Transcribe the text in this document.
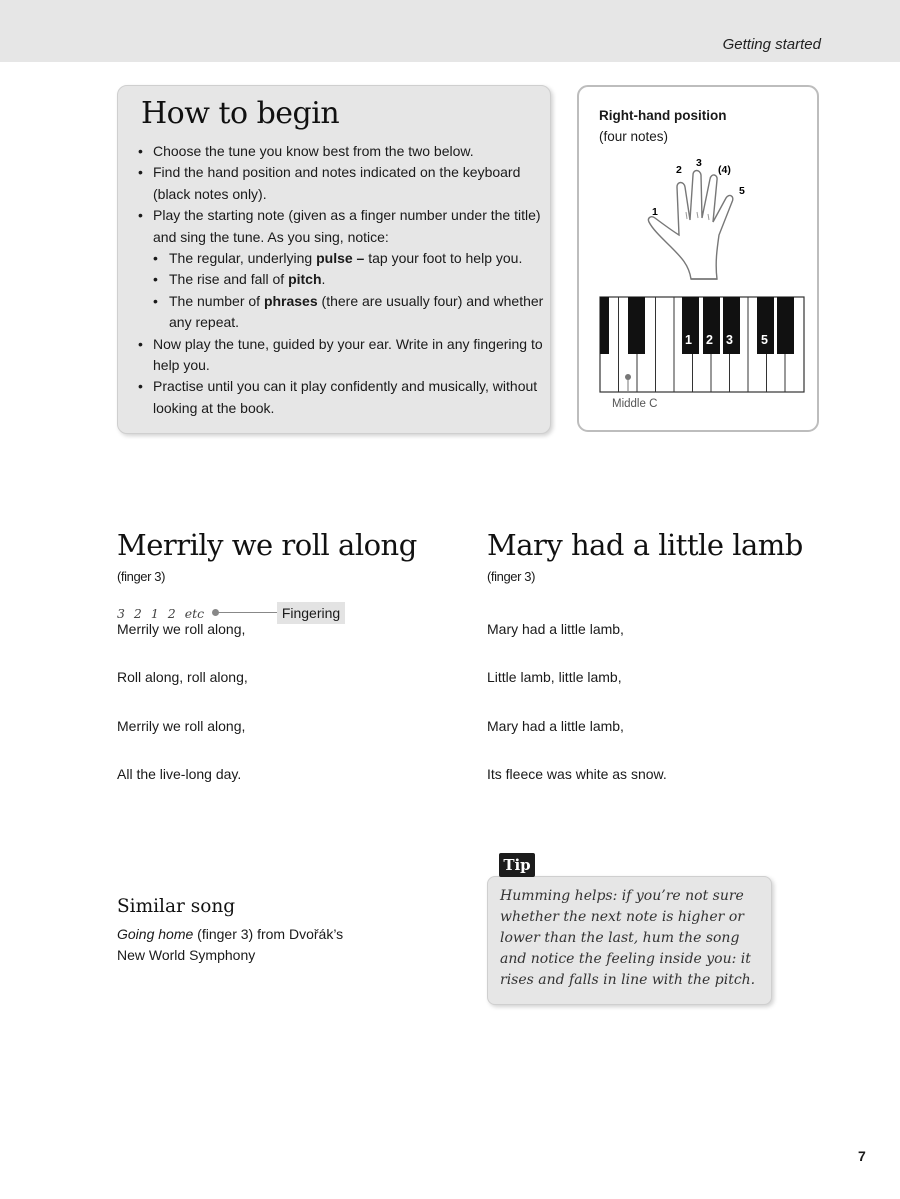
Getting started
How to begin
• Choose the tune you know best from the two below.
• Find the hand position and notes indicated on the keyboard (black notes only).
• Play the starting note (given as a finger number under the title) and sing the tune. As you sing, notice:
• The regular, underlying pulse – tap your foot to help you.
• The rise and fall of pitch.
• The number of phrases (there are usually four) and whether any repeat.
• Now play the tune, guided by your ear. Write in any fingering to help you.
• Practise until you can it play confidently and musically, without looking at the book.
Right-hand position
(four notes)
1
2
3
(4)
5
1 2 3 5
Middle C
Merrily we roll along
(finger 3)
3 2 1 2 etc	Fingering
Merrily we roll along,
Roll along, roll along,
Merrily we roll along,
All the live-long day.
Mary had a little lamb
(finger 3)
Mary had a little lamb,
Little lamb, little lamb,
Mary had a little lamb,
Its fleece was white as snow.
Similar song
Going home (finger 3) from Dvořák’s
New World Symphony

Humming helps: if you’re not sure whether the next note is higher or lower than the last, hum the song and notice the feeling inside you: it rises and falls in line with the pitch.

Tip
7
